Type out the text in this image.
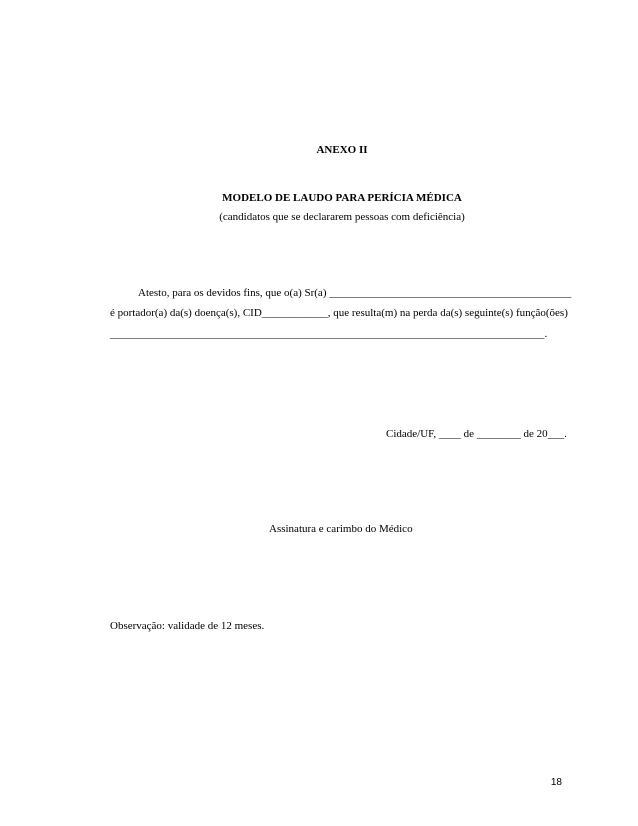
ANEXO II
MODELO DE LAUDO PARA PERÍCIA MÉDICA
(candidatos que se declararem pessoas com deficiência)
Atesto, para os devidos fins, que o(a) Sr(a) ____________________________________________
é portador(a) da(s) doença(s), CID____________, que resulta(m) na perda da(s) seguinte(s) função(ões)
_______________________________________________________________________________.
Cidade/UF, ____ de ________ de 20___.
Assinatura e carimbo do Médico
Observação: validade de 12 meses.
18
